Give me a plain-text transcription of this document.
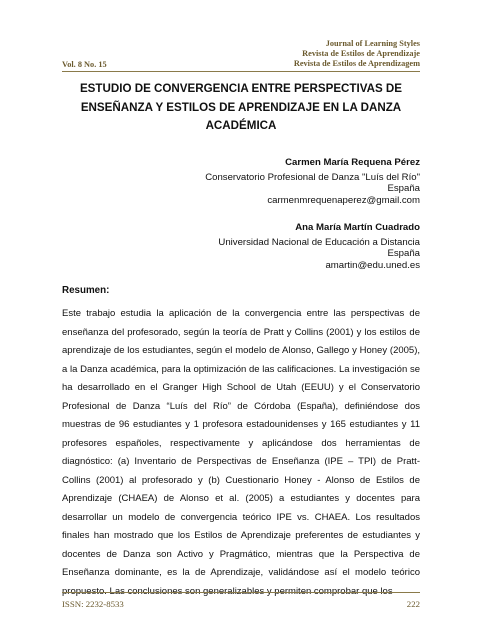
Journal of Learning Styles
Revista de Estilos de Aprendizaje
Revista de Estilos de Aprendizagem
Vol. 8 No. 15
ESTUDIO DE CONVERGENCIA ENTRE PERSPECTIVAS DE ENSEÑANZA Y ESTILOS DE APRENDIZAJE EN LA DANZA ACADÉMICA
Carmen María Requena Pérez
Conservatorio Profesional de Danza "Luís del Río"
España
carmenmrequenaperez@gmail.com
Ana María Martín Cuadrado
Universidad Nacional de Educación a Distancia
España
amartin@edu.uned.es
Resumen:

Este trabajo estudia la aplicación de la convergencia entre las perspectivas de enseñanza del profesorado, según la teoría de Pratt y Collins (2001) y los estilos de aprendizaje de los estudiantes, según el modelo de Alonso, Gallego y Honey (2005), a la Danza académica, para la optimización de las calificaciones. La investigación se ha desarrollado en el Granger High School de Utah (EEUU) y el Conservatorio Profesional de Danza “Luís del Río” de Córdoba (España), definiéndose dos muestras de 96 estudiantes y 1 profesora estadounidenses y 165 estudiantes y 11 profesores españoles, respectivamente y aplicándose dos herramientas de diagnóstico: (a) Inventario de Perspectivas de Enseñanza (IPE – TPI) de Pratt-Collins (2001) al profesorado y (b) Cuestionario Honey - Alonso de Estilos de Aprendizaje (CHAEA) de Alonso et al. (2005) a estudiantes y docentes para desarrollar un modelo de convergencia teórico IPE vs. CHAEA. Los resultados finales han mostrado que los Estilos de Aprendizaje preferentes de estudiantes y docentes de Danza son Activo y Pragmático, mientras que la Perspectiva de Enseñanza dominante, es la de Aprendizaje, validándose así el modelo teórico propuesto. Las conclusiones son generalizables y permiten comprobar que los

ISSN: 2232-8533	222
